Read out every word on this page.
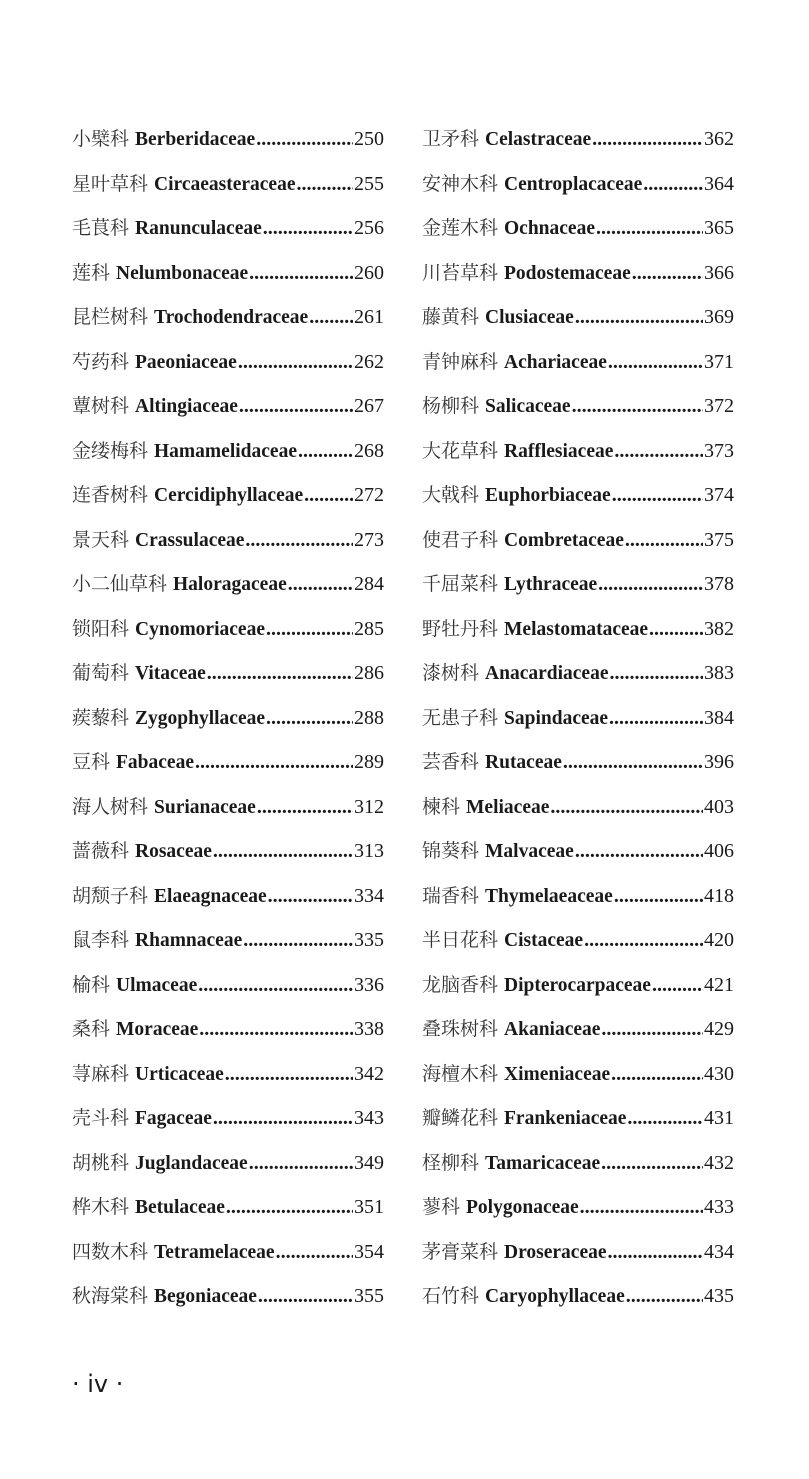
小檗科 Berberidaceae .....	250
星叶草科 Circaeasteraceae .....	255
毛茛科 Ranunculaceae .....	256
莲科 Nelumbonaceae .....	260
昆栏树科 Trochodendraceae ..... 261
芍药科 Paeoniaceae .....	262
蕈树科 Altingiaceae .....	267
金缕梅科 Hamamelidaceae .....	268
连香树科 Cercidiphyllaceae .....	272
景天科 Crassulaceae .....	273
小二仙草科 Haloragaceae .....	284
锁阳科 Cynomoriaceae .....	285
葡萄科 Vitaceae .....	286
蒺藜科 Zygophyllaceae .....	288
豆科 Fabaceae .....	289
海人树科 Surianaceae .....	312
蔷薇科 Rosaceae .....	313
胡颓子科 Elaeagnaceae .....	334
鼠李科 Rhamnaceae .....	335
榆科 Ulmaceae .....	336
桑科 Moraceae .....	338
荨麻科 Urticaceae .....	342
壳斗科 Fagaceae .....	343
胡桃科 Juglandaceae .....	349
桦木科 Betulaceae .....	351
四数木科 Tetramelaceae .....	354
秋海棠科 Begoniaceae .....	355
卫矛科 Celastraceae .....	362
安神木科 Centroplacaceae .....	364
金莲木科 Ochnaceae .....	365
川苔草科 Podostemaceae .....	366
藤黄科 Clusiaceae .....	369
青钟麻科 Achariaceae .....	371
杨柳科 Salicaceae .....	372
大花草科 Rafflesiaceae .....	373
大戟科 Euphorbiaceae .....	374
使君子科 Combretaceae .....	375
千屈菜科 Lythraceae .....	378
野牡丹科 Melastomataceae .....	382
漆树科 Anacardiaceae .....	383
无患子科 Sapindaceae .....	384
芸香科 Rutaceae .....	396
楝科 Meliaceae .....	403
锦葵科 Malvaceae .....	406
瑞香科 Thymelaeaceae .....	418
半日花科 Cistaceae .....	420
龙脑香科 Dipterocarpaceae .....	421
叠珠树科 Akaniaceae .....	429
海檀木科 Ximeniaceae .....	430
瓣鳞花科 Frankeniaceae .....	431
柽柳科 Tamaricaceae .....	432
蓼科 Polygonaceae .....	433
茅膏菜科 Droseraceae .....	434
石竹科 Caryophyllaceae .....	435
· iv ·
